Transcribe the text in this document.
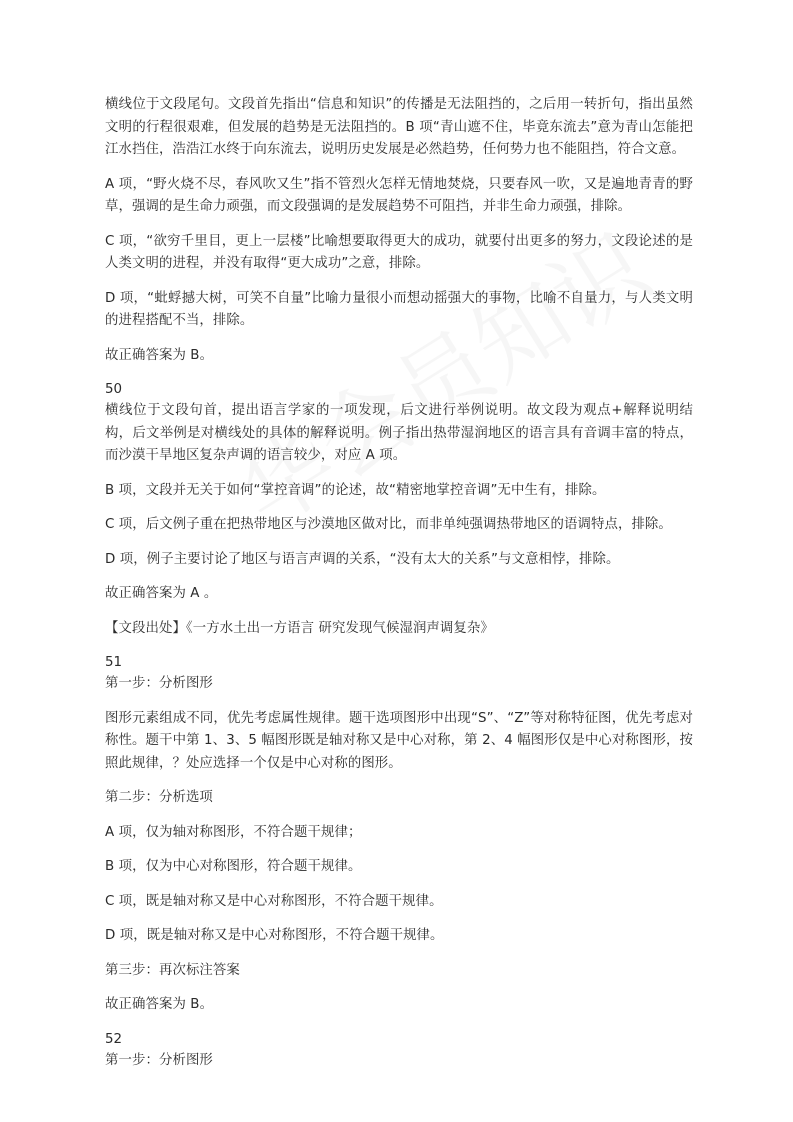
横线位于文段尾句。文段首先指出“信息和知识”的传播是无法阻挡的，之后用一转折句，指出虽然文明的行程很艰难，但发展的趋势是无法阻挡的。B 项“青山遮不住，毕竟东流去”意为青山怎能把江水挡住，浩浩江水终于向东流去，说明历史发展是必然趋势，任何势力也不能阻挡，符合文意。

A 项，“野火烧不尽，春风吹又生”指不管烈火怎样无情地焚烧，只要春风一吹，又是遍地青青的野草，强调的是生命力顽强，而文段强调的是发展趋势不可阻挡，并非生命力顽强，排除。

C 项，“欲穷千里目，更上一层楼”比喻想要取得更大的成功，就要付出更多的努力，文段论述的是人类文明的进程，并没有取得“更大成功”之意，排除。

D 项，“蚍蜉撼大树，可笑不自量”比喻力量很小而想动摇强大的事物，比喻不自量力，与人类文明的进程搭配不当，排除。

故正确答案为 B。

50

横线位于文段句首，提出语言学家的一项发现，后文进行举例说明。故文段为观点+解释说明结构，后文举例是对横线处的具体的解释说明。例子指出热带湿润地区的语言具有音调丰富的特点，而沙漠干旱地区复杂声调的语言较少，对应 A 项。

B 项，文段并无关于如何“掌控音调”的论述，故“精密地掌控音调”无中生有，排除。

C 项，后文例子重在把热带地区与沙漠地区做对比，而非单纯强调热带地区的语调特点，排除。

D 项，例子主要讨论了地区与语言声调的关系，“没有太大的关系”与文意相悖，排除。

故正确答案为 A 。

【文段出处】《一方水土出一方语言 研究发现气候湿润声调复杂》

51

第一步：分析图形

图形元素组成不同，优先考虑属性规律。题干选项图形中出现“S”、“Z”等对称特征图，优先考虑对称性。题干中第 1、3、5 幅图形既是轴对称又是中心对称，第 2、4 幅图形仅是中心对称图形，按照此规律，？处应选择一个仅是中心对称的图形。

第二步：分析选项

A 项，仅为轴对称图形，不符合题干规律；

B 项，仅为中心对称图形，符合题干规律。

C 项，既是轴对称又是中心对称图形，不符合题干规律。

D 项，既是轴对称又是中心对称图形，不符合题干规律。

第三步：再次标注答案

故正确答案为 B。

52

第一步：分析图形
